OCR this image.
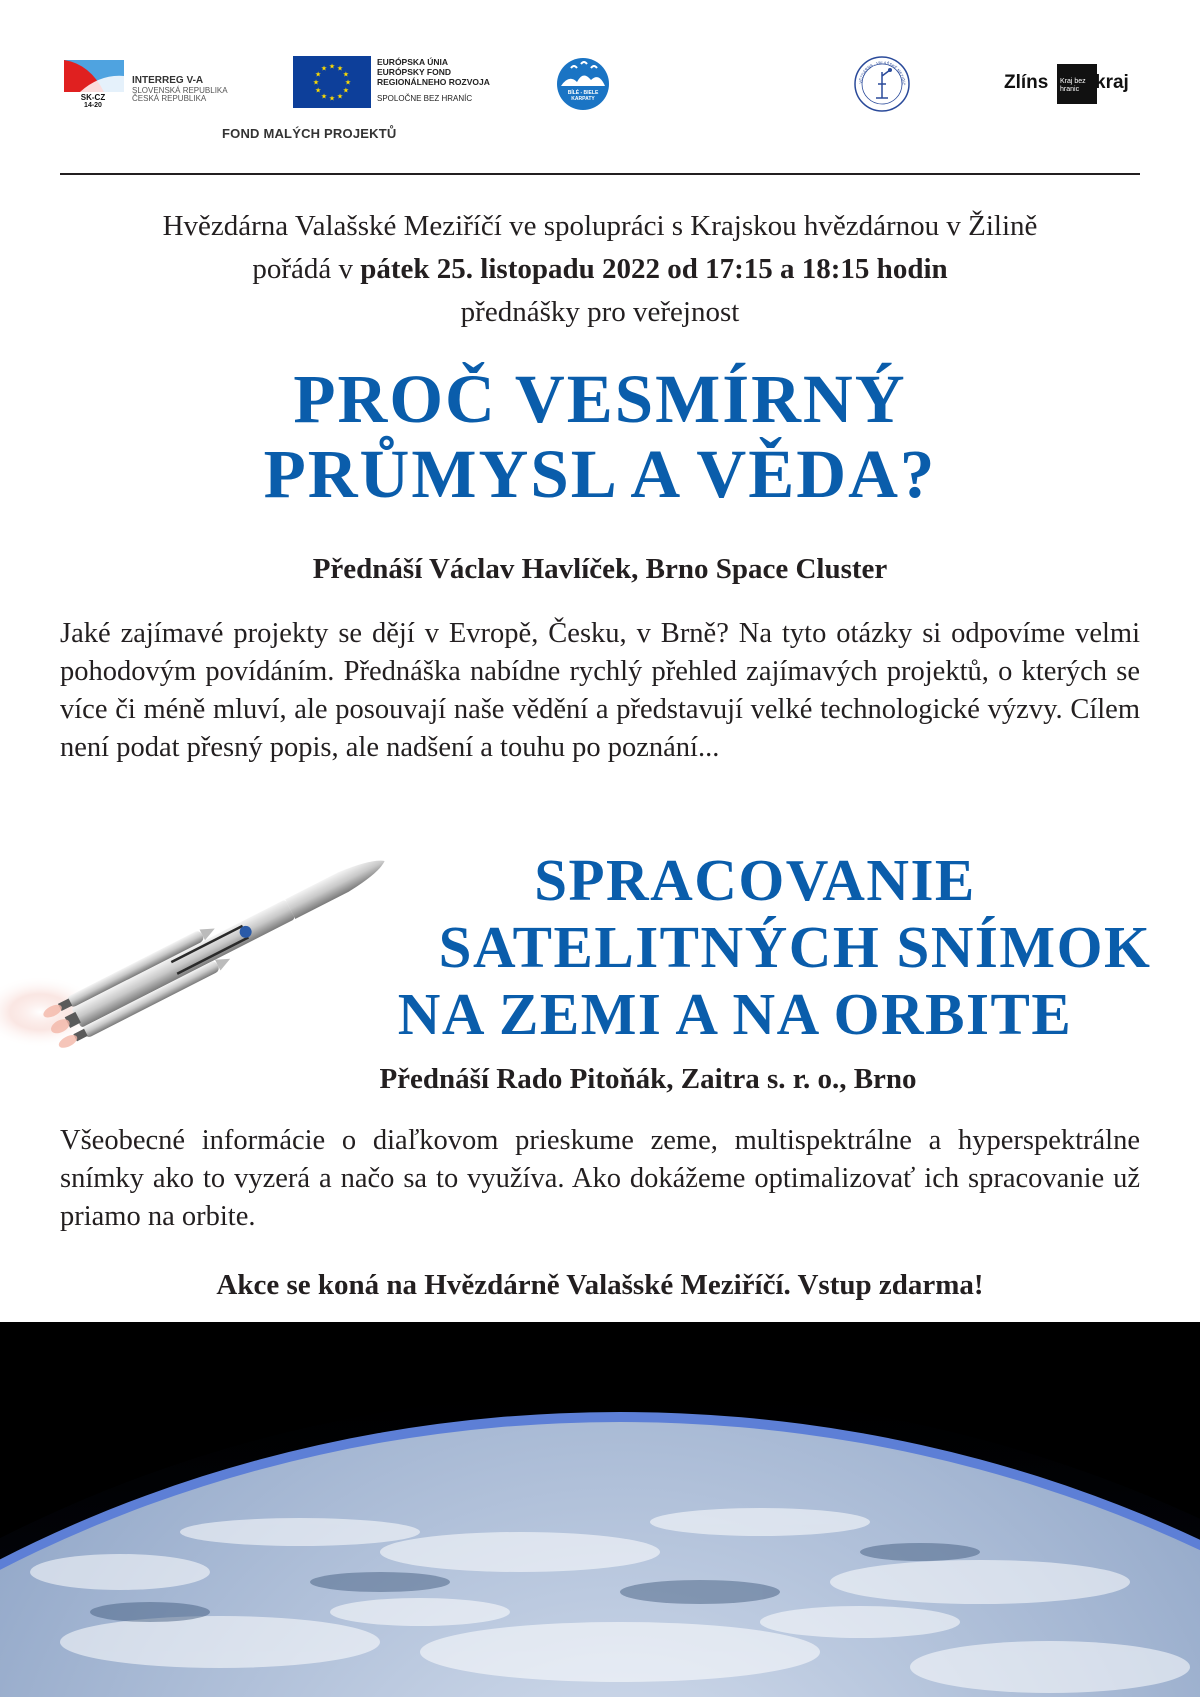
SK-CZ
14-20
INTERREG V-A
SLOVENSKÁ REPUBLIKA
ČESKÁ REPUBLIKA
FOND MALÝCH PROJEKTŮ
★
★
★
★
★
★
★
★
★ ★ ★
★
EURÓPSKA ÚNIA
EURÓPSKY FOND
REGIONÁLNEHO ROZVOJA
SPOLOČNE BEZ HRANÍC
BÍLÉ - BIELE
KARPATY
VĚZDÁRNA · VALAŠSKÉ MEZIŘÍČ	Zlíns	Kraj bez hranic kraj
Hvězdárna Valašské Meziříčí ve spolupráci s Krajskou hvězdárnou v Žilině
pořádá v pátek 25. listopadu 2022 od 17:15 a 18:15 hodin
přednášky pro veřejnost
PROČ VESMÍRNÝ
PRŮMYSL A VĚDA?
Přednáší Václav Havlíček, Brno Space Cluster
Jaké zajímavé projekty se dějí v Evropě, Česku, v Brně? Na tyto otázky si odpovíme velmi pohodovým povídáním. Přednáška nabídne rychlý přehled zajímavých projektů, o kterých se více či méně mluví, ale posouvají naše vědění a představují velké technologické výzvy. Cílem není podat přesný popis, ale nadšení a touhu po poznání...
SPRACOVANIE
SATELITNÝCH SNÍMOK
NA ZEMI A NA ORBITE
Přednáší Rado Pitoňák, Zaitra s. r. o., Brno
Všeobecné informácie o diaľkovom prieskume zeme, multispektrálne a hyperspektrálne snímky ako to vyzerá a načo sa to využíva. Ako dokážeme optimalizovať ich spracovanie už priamo na orbite.
Akce se koná na Hvězdárně Valašské Meziříčí. Vstup zdarma!
